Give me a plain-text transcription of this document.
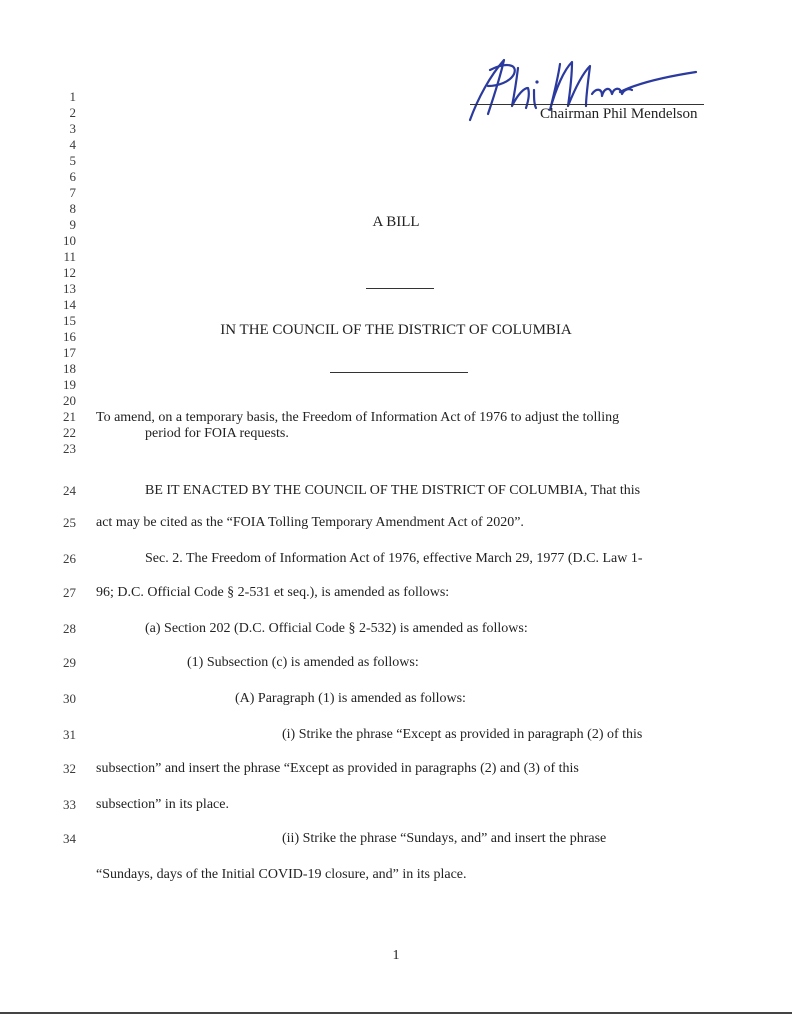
Chairman Phil Mendelson
1
2
3
4
5
6
7
8
9
10
11
12
13
14
15
16
17
18
19
20
21
22
23
24
25
26
27
28
29
30
31
32
33
34
A BILL
IN THE COUNCIL OF THE DISTRICT OF COLUMBIA
To amend, on a temporary basis, the Freedom of Information Act of 1976 to adjust the tolling
period for FOIA requests.
BE IT ENACTED BY THE COUNCIL OF THE DISTRICT OF COLUMBIA, That this
act may be cited as the “FOIA Tolling Temporary Amendment Act of 2020”.
Sec. 2. The Freedom of Information Act of 1976, effective March 29, 1977 (D.C. Law 1-
96; D.C. Official Code § 2-531 et seq.), is amended as follows:
(a) Section 202 (D.C. Official Code § 2-532) is amended as follows:
(1) Subsection (c) is amended as follows:
(A) Paragraph (1) is amended as follows:
(i) Strike the phrase “Except as provided in paragraph (2) of this
subsection” and insert the phrase “Except as provided in paragraphs (2) and (3) of this
subsection” in its place.
(ii) Strike the phrase “Sundays, and” and insert the phrase
“Sundays, days of the Initial COVID-19 closure, and” in its place.
1
